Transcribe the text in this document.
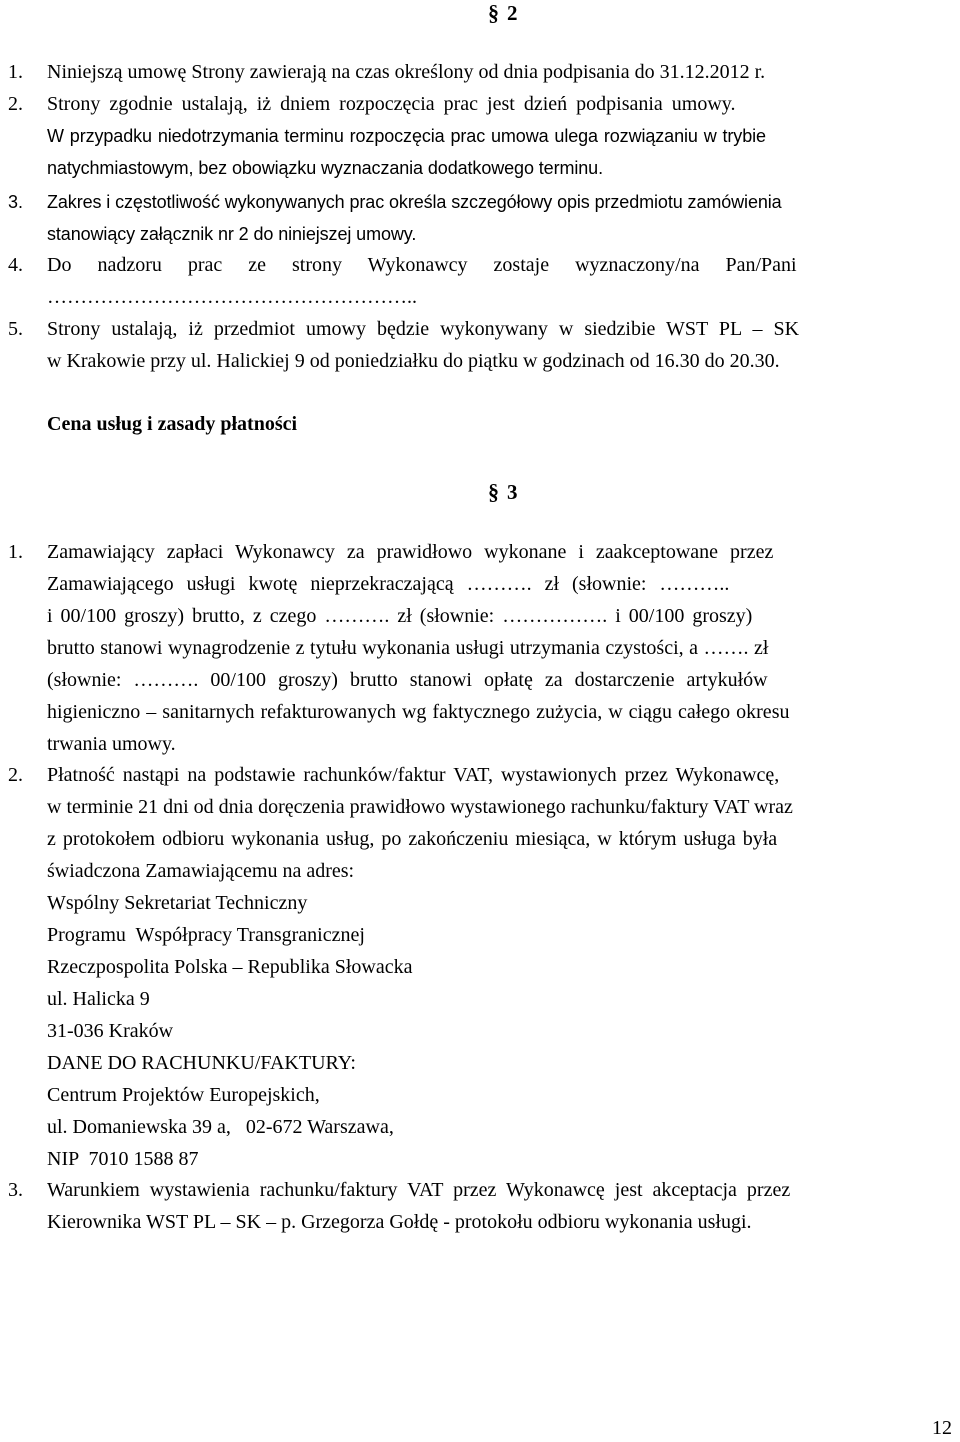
§ 2
1.	Niniejszą umowę Strony zawierają na czas określony od dnia podpisania do 31.12.2012 r.
2.	Strony zgodnie ustalają, iż dniem rozpoczęcia prac jest dzień podpisania umowy.
W przypadku niedotrzymania terminu rozpoczęcia prac umowa ulega rozwiązaniu w trybie
natychmiastowym, bez obowiązku wyznaczania dodatkowego terminu.
3.	Zakres i częstotliwość wykonywanych prac określa szczegółowy opis przedmiotu zamówienia
stanowiący załącznik nr 2 do niniejszej umowy.
4.	Do nadzoru prac ze strony Wykonawcy zostaje wyznaczony/na Pan/Pani
………………………………………………..
5.	Strony ustalają, iż przedmiot umowy będzie wykonywany w siedzibie WST PL – SK
w Krakowie przy ul. Halickiej 9 od poniedziałku do piątku w godzinach od 16.30 do 20.30.
Cena usług i zasady płatności
§ 3
1.	Zamawiający zapłaci Wykonawcy za prawidłowo wykonane i zaakceptowane przez
Zamawiającego usługi kwotę nieprzekraczającą ………. zł (słownie: ………..
i 00/100 groszy) brutto, z czego ………. zł (słownie: ……………. i 00/100 groszy)
brutto stanowi wynagrodzenie z tytułu wykonania usługi utrzymania czystości, a ……. zł
(słownie: ………. 00/100 groszy) brutto stanowi opłatę za dostarczenie artykułów
higieniczno – sanitarnych refakturowanych wg faktycznego zużycia, w ciągu całego okresu
trwania umowy.
2.	Płatność nastąpi na podstawie rachunków/faktur VAT, wystawionych przez Wykonawcę,
w terminie 21 dni od dnia doręczenia prawidłowo wystawionego rachunku/faktury VAT wraz
z protokołem odbioru wykonania usług, po zakończeniu miesiąca, w którym usługa była
świadczona Zamawiającemu na adres:
Wspólny Sekretariat Techniczny
Programu  Współpracy Transgranicznej
Rzeczpospolita Polska – Republika Słowacka
ul. Halicka 9
31-036 Kraków
DANE DO RACHUNKU/FAKTURY:
Centrum Projektów Europejskich,
ul. Domaniewska 39 a,   02-672 Warszawa,
NIP  7010 1588 87
3.	Warunkiem wystawienia rachunku/faktury VAT przez Wykonawcę jest akceptacja przez
Kierownika WST PL – SK – p. Grzegorza Gołdę - protokołu odbioru wykonania usługi.
12
